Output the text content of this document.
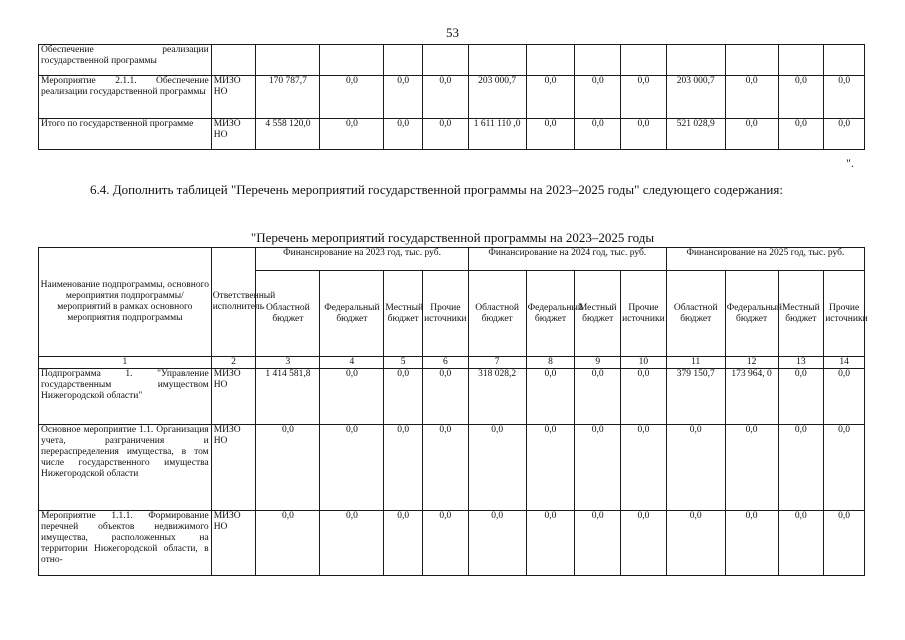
53
Обеспечение реализации государственной программы													
Мероприятие 2.1.1. Обеспечение реализации государственной программы	МИЗО НО	170 787,7	0,0	0,0	0,0	203 000,7	0,0	0,0	0,0	203 000,7	0,0	0,0	0,0
Итого по государственной программе	МИЗО НО	4 558 120,0	0,0	0,0	0,0	1 611 110 ,0	0,0	0,0	0,0	521 028,9	0,0	0,0	0,0
".
6.4. Дополнить таблицей "Перечень мероприятий государственной программы на 2023–2025 годы" следующего содержания:
"Перечень мероприятий государственной программы на 2023–2025 годы
Наименование подпрограммы, основного мероприятия подпрограммы/ мероприятий в рамках основного мероприятия подпрограммы	Ответственный исполнитель	Финансирование на 2023 год, тыс. руб.				Финансирование на 2024 год, тыс. руб.				Финансирование на 2025 год, тыс. руб.			
		Областной бюджет	Федеральный бюджет	Местный бюджет	Прочие источники	Областной бюджет	Федеральный бюджет	Местный бюджет	Прочие источники	Областной бюджет	Федеральный бюджет	Местный бюджет	Прочие источники
1	2	3	4	5	6	7	8	9	10	11	12	13	14
Подпрограмма 1. "Управление государственным имуществом Нижегородской области"	МИЗО НО	1 414 581,8	0,0	0,0	0,0	318 028,2	0,0	0,0	0,0	379 150,7	173 964, 0	0,0	0,0
Основное мероприятие 1.1. Организация учета, разграничения и перераспределения имущества, в том числе государственного имущества Нижегородской области	МИЗО НО	0,0	0,0	0,0	0,0	0,0	0,0	0,0	0,0	0,0	0,0	0,0	0,0
Мероприятие 1.1.1. Формирование перечней объектов недвижимого имущества, расположенных на территории Нижегородской области, в отно-	МИЗО НО	0,0	0,0	0,0	0,0	0,0	0,0	0,0	0,0	0,0	0,0	0,0	0,0
